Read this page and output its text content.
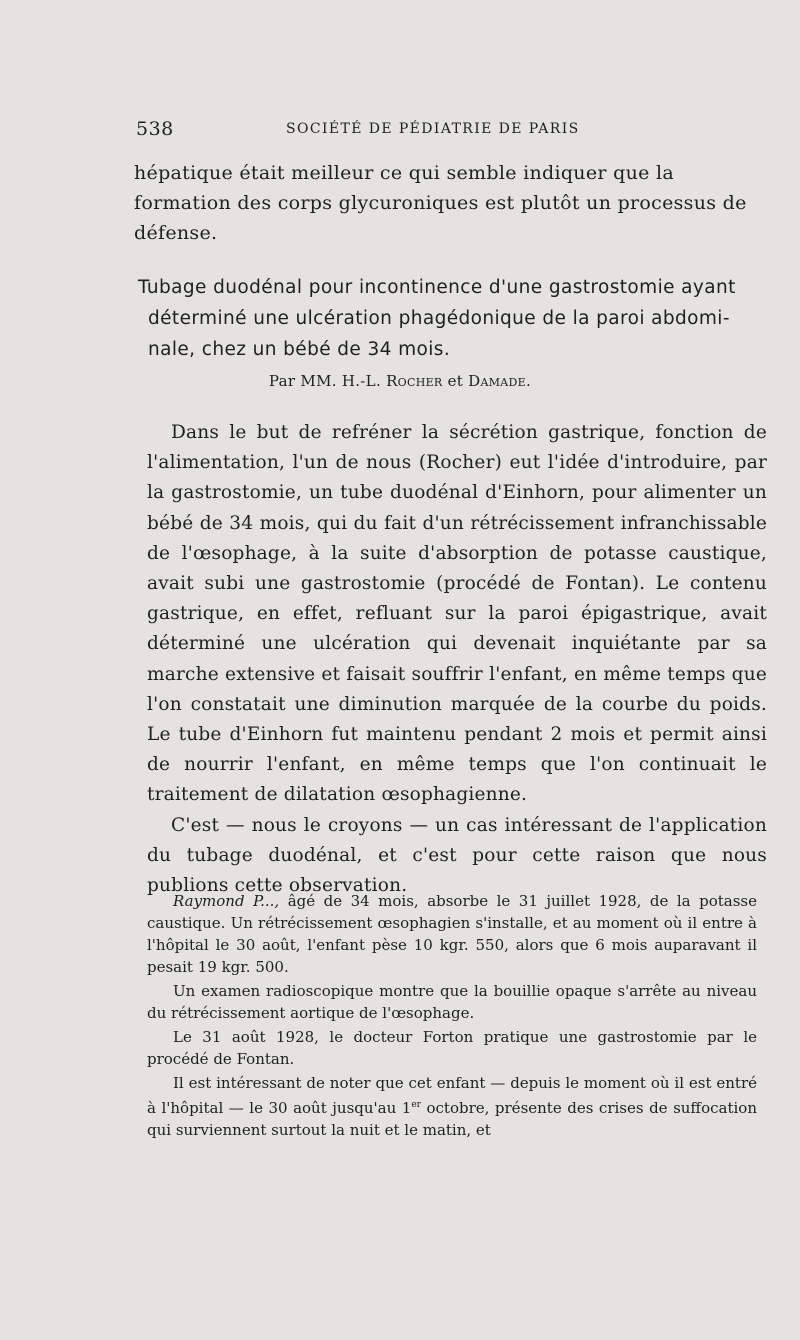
538	SOCIÉTÉ DE PÉDIATRIE DE PARIS

hépatique était meilleur ce qui semble indiquer que la formation des corps glycuroniques est plutôt un processus de défense.

Tubage duodénal pour incontinence d'une gastrostomie ayant
déterminé une ulcération phagédonique de la paroi abdomi-
nale, chez un bébé de 34 mois.
Par MM. H.-L. Rocher et Damade.

Dans le but de refréner la sécrétion gastrique, fonction de l'alimentation, l'un de nous (Rocher) eut l'idée d'introduire, par la gastrostomie, un tube duodénal d'Einhorn, pour alimenter un bébé de 34 mois, qui du fait d'un rétrécissement infranchissable de l'œsophage, à la suite d'absorption de potasse caustique, avait subi une gastrostomie (procédé de Fontan). Le contenu gastrique, en effet, refluant sur la paroi épigastrique, avait déterminé une ulcération qui devenait inquiétante par sa marche extensive et faisait souffrir l'enfant, en même temps que l'on constatait une diminution marquée de la courbe du poids. Le tube d'Einhorn fut maintenu pendant 2 mois et permit ainsi de nourrir l'enfant, en même temps que l'on continuait le traitement de dilatation œsophagienne.

C'est — nous le croyons — un cas intéressant de l'application du tubage duodénal, et c'est pour cette raison que nous publions cette observation.

Raymond P..., âgé de 34 mois, absorbe le 31 juillet 1928, de la potasse caustique. Un rétrécissement œsophagien s'installe, et au moment où il entre à l'hôpital le 30 août, l'enfant pèse 10 kgr. 550, alors que 6 mois auparavant il pesait 19 kgr. 500.

Un examen radioscopique montre que la bouillie opaque s'arrête au niveau du rétrécissement aortique de l'œsophage.

Le 31 août 1928, le docteur Forton pratique une gastrostomie par le procédé de Fontan.

Il est intéressant de noter que cet enfant — depuis le moment où il est entré à l'hôpital — le 30 août jusqu'au 1er octobre, présente des crises de suffocation qui surviennent surtout la nuit et le matin, et
